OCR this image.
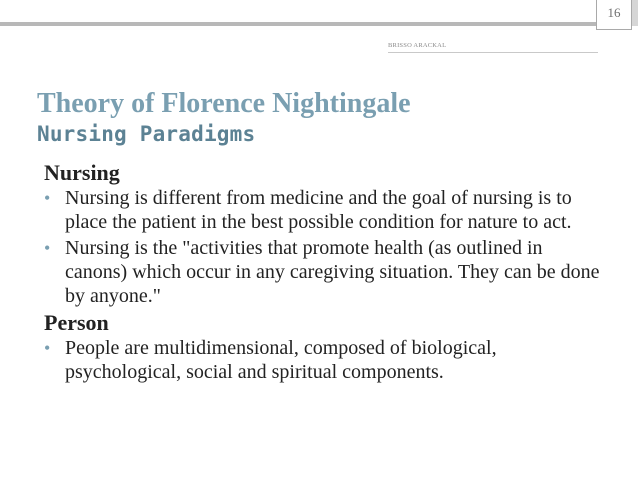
16
BRISSO ARACKAL
Theory of Florence Nightingale
Nursing Paradigms
Nursing
• Nursing is different from medicine and the goal of nursing is to place the patient in the best possible condition for nature to act.
• Nursing is the "activities that promote health (as outlined in canons) which occur in any caregiving situation. They can be done by anyone."
Person
• People are multidimensional, composed of biological, psychological, social and spiritual components.
